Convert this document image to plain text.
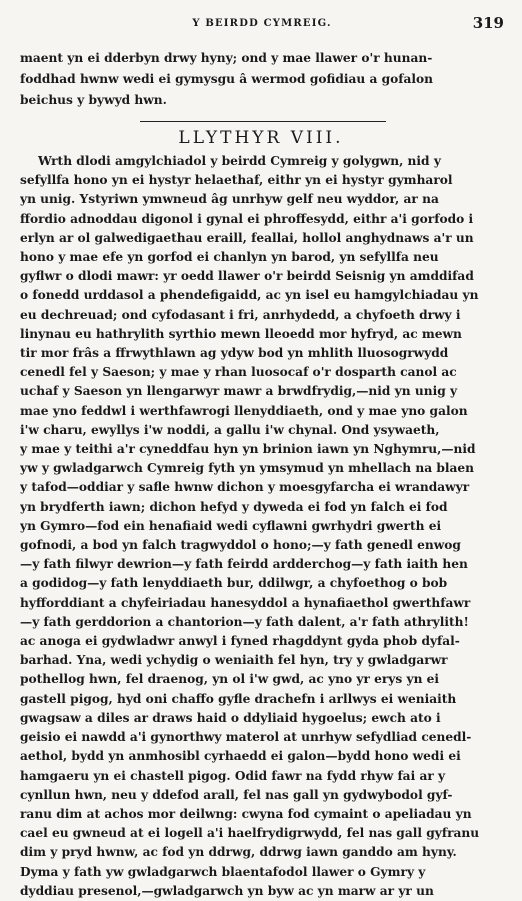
Y BEIRDD CYMREIG.	319
maent yn ei dderbyn drwy hyny; ond y mae llawer o'r hunan-
foddhad hwnw wedi ei gymysgu â wermod gofidiau a gofalon
beichus y bywyd hwn.
LLYTHYR VIII.
Wrth dlodi amgylchiadol y beirdd Cymreig y golygwn, nid y
sefyllfa hono yn ei hystyr helaethaf, eithr yn ei hystyr gymharol
yn unig. Ystyriwn ymwneud âg unrhyw gelf neu wyddor, ar na
ffordio adnoddau digonol i gynal ei phroffesydd, eithr a'i gorfodo i
erlyn ar ol galwedigaethau eraill, feallai, hollol anghydnaws a'r un
hono y mae efe yn gorfod ei chanlyn yn barod, yn sefyllfa neu
gyflwr o dlodi mawr: yr oedd llawer o'r beirdd Seisnig yn amddifad
o fonedd urddasol a phendefigaidd, ac yn isel eu hamgylchiadau yn
eu dechreuad; ond cyfodasant i fri, anrhydedd, a chyfoeth drwy i
linynau eu hathrylith syrthio mewn lleoedd mor hyfryd, ac mewn
tir mor frâs a ffrwythlawn ag ydyw bod yn mhlith lluosogrwydd
cenedl fel y Saeson; y mae y rhan luosocaf o'r dosparth canol ac
uchaf y Saeson yn llengarwyr mawr a brwdfrydig,—nid yn unig y
mae yno feddwl i werthfawrogi llenyddiaeth, ond y mae yno galon
i'w charu, ewyllys i'w noddi, a gallu i'w chynal. Ond ysywaeth,
y mae y teithi a'r cyneddfau hyn yn brinion iawn yn Nghymru,—nid
yw y gwladgarwch Cymreig fyth yn ymsymud yn mhellach na blaen
y tafod—oddiar y safle hwnw dichon y moesgyfarcha ei wrandawyr
yn brydferth iawn; dichon hefyd y dyweda ei fod yn falch ei fod
yn Gymro—fod ein henafiaid wedi cyflawni gwrhydri gwerth ei
gofnodi, a bod yn falch tragwyddol o hono;—y fath genedl enwog
—y fath filwyr dewrion—y fath feirdd ardderchog—y fath iaith hen
a godidog—y fath lenyddiaeth bur, ddilwgr, a chyfoethog o bob
hyfforddiant a chyfeiriadau hanesyddol a hynafiaethol gwerthfawr
—y fath gerddorion a chantorion—y fath dalent, a'r fath athrylith!
ac anoga ei gydwladwr anwyl i fyned rhagddynt gyda phob dyfal-
barhad. Yna, wedi ychydig o weniaith fel hyn, try y gwladgarwr
pothellog hwn, fel draenog, yn ol i'w gwd, ac yno yr erys yn ei
gastell pigog, hyd oni chaffo gyfle drachefn i arllwys ei weniaith
gwagsaw a diles ar draws haid o ddyliaid hygoelus; ewch ato i
geisio ei nawdd a'i gynorthwy materol at unrhyw sefydliad cenedl-
aethol, bydd yn anmhosibl cyrhaedd ei galon—bydd hono wedi ei
hamgaeru yn ei chastell pigog. Odid fawr na fydd rhyw fai ar y
cynllun hwn, neu y ddefod arall, fel nas gall yn gydwybodol gyf-
ranu dim at achos mor deilwng: cwyna fod cymaint o apeliadau yn
cael eu gwneud at ei logell a'i haelfrydigrwydd, fel nas gall gyfranu
dim y pryd hwnw, ac fod yn ddrwg, ddrwg iawn ganddo am hyny.
Dyma y fath yw gwladgarwch blaentafodol llawer o Gymry y
dyddiau presenol,—gwladgarwch yn byw ac yn marw ar yr un
